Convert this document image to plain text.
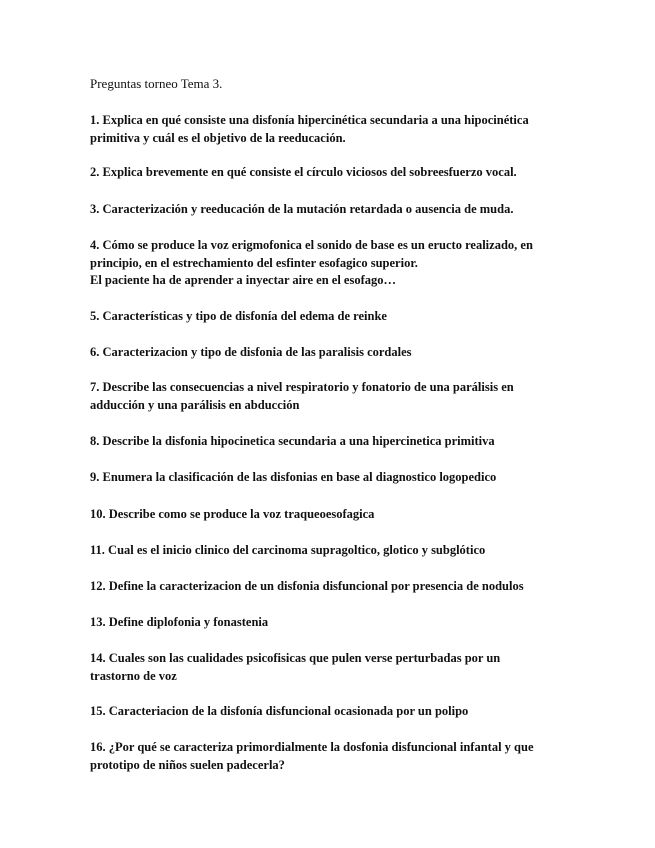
Preguntas torneo Tema 3.
1. Explica en qué consiste una disfonía hipercinética secundaria a una hipocinética
primitiva y cuál es el objetivo de la reeducación.
2. Explica brevemente en qué consiste el círculo viciosos del sobreesfuerzo vocal.
3. Caracterización y reeducación de la mutación retardada o ausencia de muda.
4. Cómo se produce la voz erigmofonica el sonido de base es un eructo realizado, en
principio, en el estrechamiento del esfinter esofagico superior.
El paciente ha de aprender a inyectar aire en el esofago…
5. Características y tipo de disfonía del edema de reinke
6. Caracterizacion y tipo de disfonia de las paralisis cordales
7. Describe las consecuencias a nivel respiratorio y fonatorio de una parálisis en
adducción y una parálisis en abducción
8. Describe la disfonia hipocinetica secundaria a una hipercinetica primitiva
9. Enumera la clasificación de las disfonias en base al diagnostico logopedico
10. Describe como se produce la voz traqueoesofagica
11. Cual es el inicio clinico del carcinoma supragoltico, glotico y subglótico
12. Define la caracterizacion de un disfonia disfuncional por presencia de nodulos
13. Define diplofonia y fonastenia
14. Cuales son las cualidades psicofisicas que pulen verse perturbadas por un
trastorno de voz
15. Caracteriacion de la disfonía disfuncional ocasionada por un polipo
16. ¿Por qué se caracteriza primordialmente la dosfonia disfuncional infantal y que
prototipo de niños suelen padecerla?
